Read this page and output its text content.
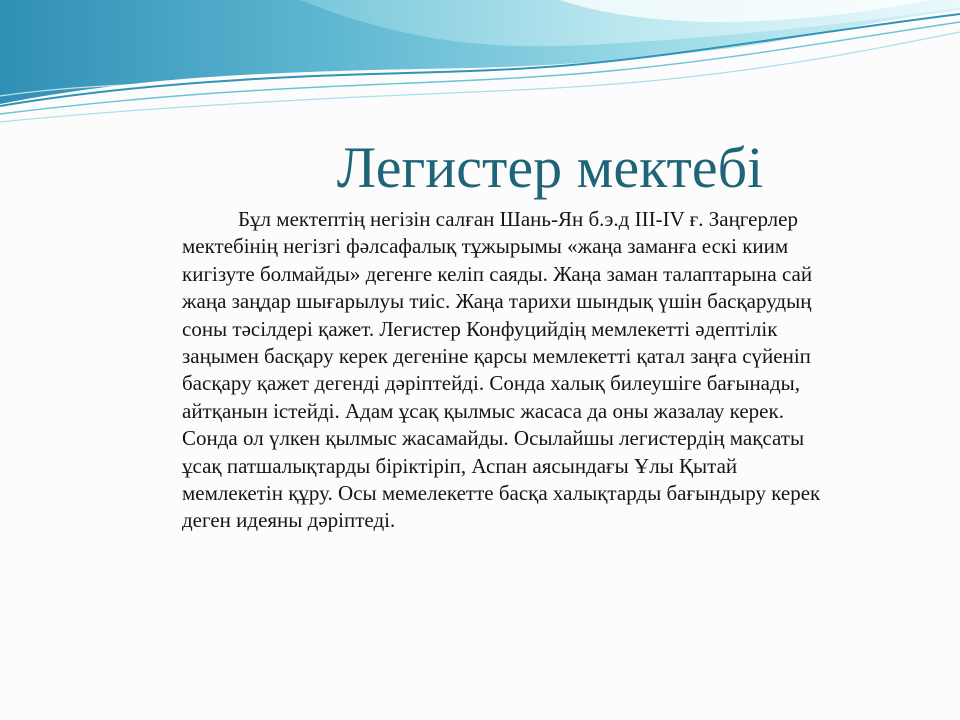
Легистер мектебі
Бұл мектептің негізін салған Шань-Ян б.э.д III-IV ғ. Заңгерлер
мектебінің негізгі фәлсафалық тұжырымы «жаңа заманға ескі киим
кигізуте болмайды» дегенге келіп саяды. Жаңа заман талаптарына сай
жаңа заңдар шығарылуы тиіс. Жаңа тарихи шындық үшін басқарудың
соны тәсілдері қажет. Легистер Конфуцийдің мемлекетті әдептілік
заңымен басқару керек дегеніне қарсы мемлекетті қатал заңға сүйеніп
басқару қажет дегенді дәріптейді. Сонда халық билеушіге бағынады,
айтқанын істейді. Адам ұсақ қылмыс жасаса да оны жазалау керек.
Сонда ол үлкен қылмыс жасамайды. Осылайшы легистердің мақсаты
ұсақ патшалықтарды біріктіріп, Аспан аясындағы Ұлы Қытай
мемлекетін құру. Осы мемелекетте басқа халықтарды бағындыру керек
деген идеяны дәріптеді.
